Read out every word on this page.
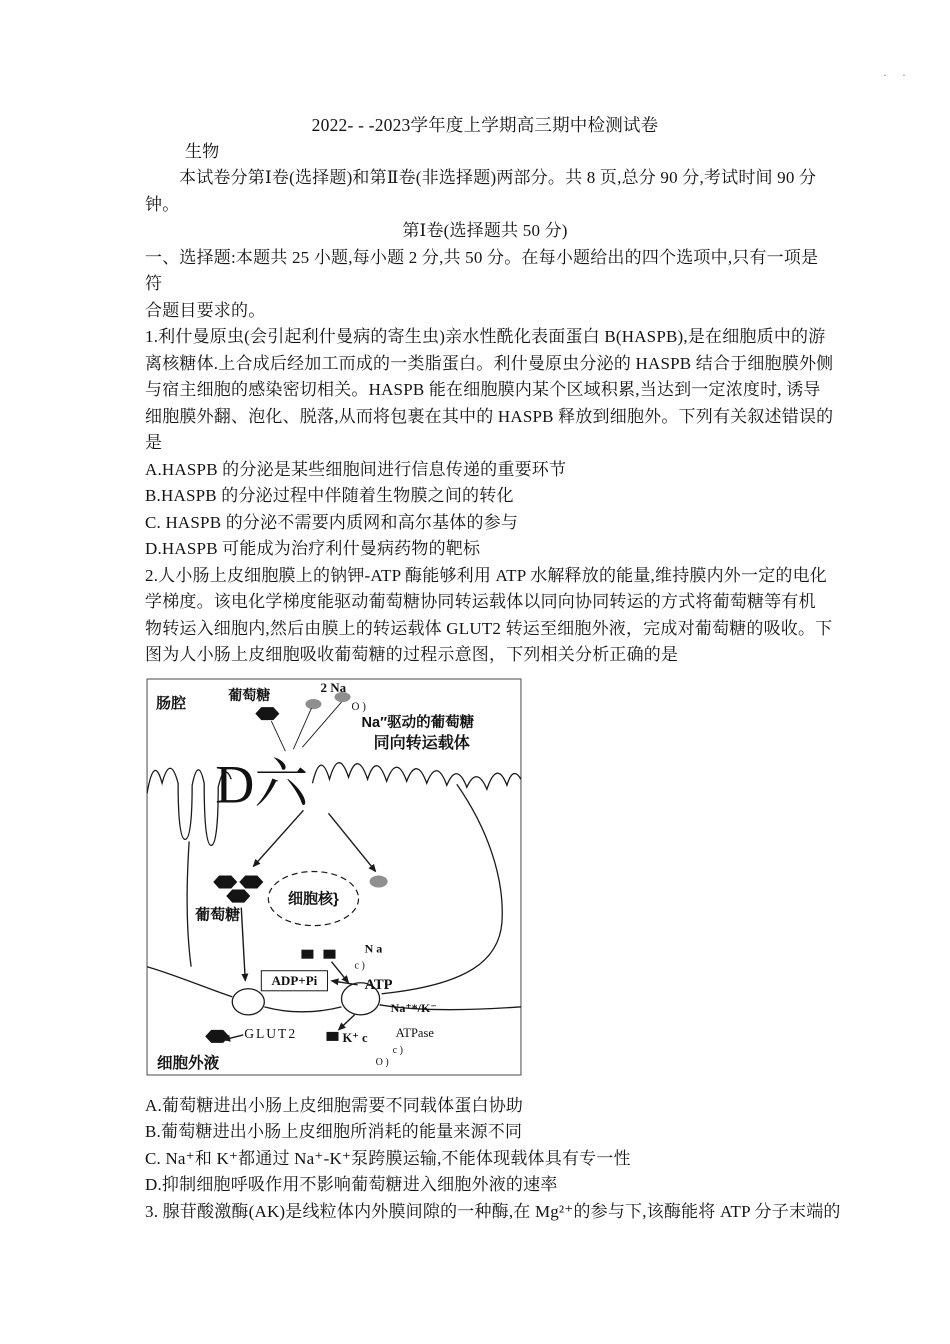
· ·

2022- - -2023学年度上学期高三期中检测试卷

生物

本试卷分第Ⅰ卷(选择题)和第Ⅱ卷(非选择题)两部分。共 8 页,总分 90 分,考试时间 90 分

钟。

第Ⅰ卷(选择题共 50 分)

一、选择题:本题共 25 小题,每小题 2 分,共 50 分。在每小题给出的四个选项中,只有一项是

符

合题目要求的。

1.利什曼原虫(会引起利什曼病的寄生虫)亲水性酰化表面蛋白 B(HASPB),是在细胞质中的游

离核糖体.上合成后经加工而成的一类脂蛋白。利什曼原虫分泌的 HASPB 结合于细胞膜外侧

与宿主细胞的感染密切相关。HASPB 能在细胞膜内某个区域积累,当达到一定浓度时, 诱导

细胞膜外翻、泡化、脱落,从而将包裹在其中的 HASPB 释放到细胞外。下列有关叙述错误的

是

A.HASPB 的分泌是某些细胞间进行信息传递的重要环节

B.HASPB 的分泌过程中伴随着生物膜之间的转化

C. HASPB 的分泌不需要内质网和高尔基体的参与

D.HASPB 可能成为治疗利什曼病药物的靶标

2.人小肠上皮细胞膜上的钠钾-ATP 酶能够利用 ATP 水解释放的能量,维持膜内外一定的电化

学梯度。该电化学梯度能驱动葡萄糖协同转运载体以同向协同转运的方式将葡萄糖等有机

物转运入细胞内,然后由膜上的转运载体 GLUT2 转运至细胞外液，完成对葡萄糖的吸收。下

图为人小肠上皮细胞吸收葡萄糖的过程示意图，下列相关分析正确的是

肠腔
葡萄糖	2 Na
O )
Na″驱动的葡萄糖
同向转运载体
D六
细胞核}
葡萄糖
N a
c )
ADP+Pi	ATP
Na⁺*/K⁻
GLUT2	K⁺ c ATPase
c )
O )
细胞外液

A.葡萄糖进出小肠上皮细胞需要不同载体蛋白协助

B.葡萄糖进出小肠上皮细胞所消耗的能量来源不同

C. Na⁺和 K⁺都通过 Na⁺-K⁺泵跨膜运输,不能体现载体具有专一性

D.抑制细胞呼吸作用不影响葡萄糖进入细胞外液的速率

3. 腺苷酸激酶(AK)是线粒体内外膜间隙的一种酶,在 Mg²⁺的参与下,该酶能将 ATP 分子末端的
